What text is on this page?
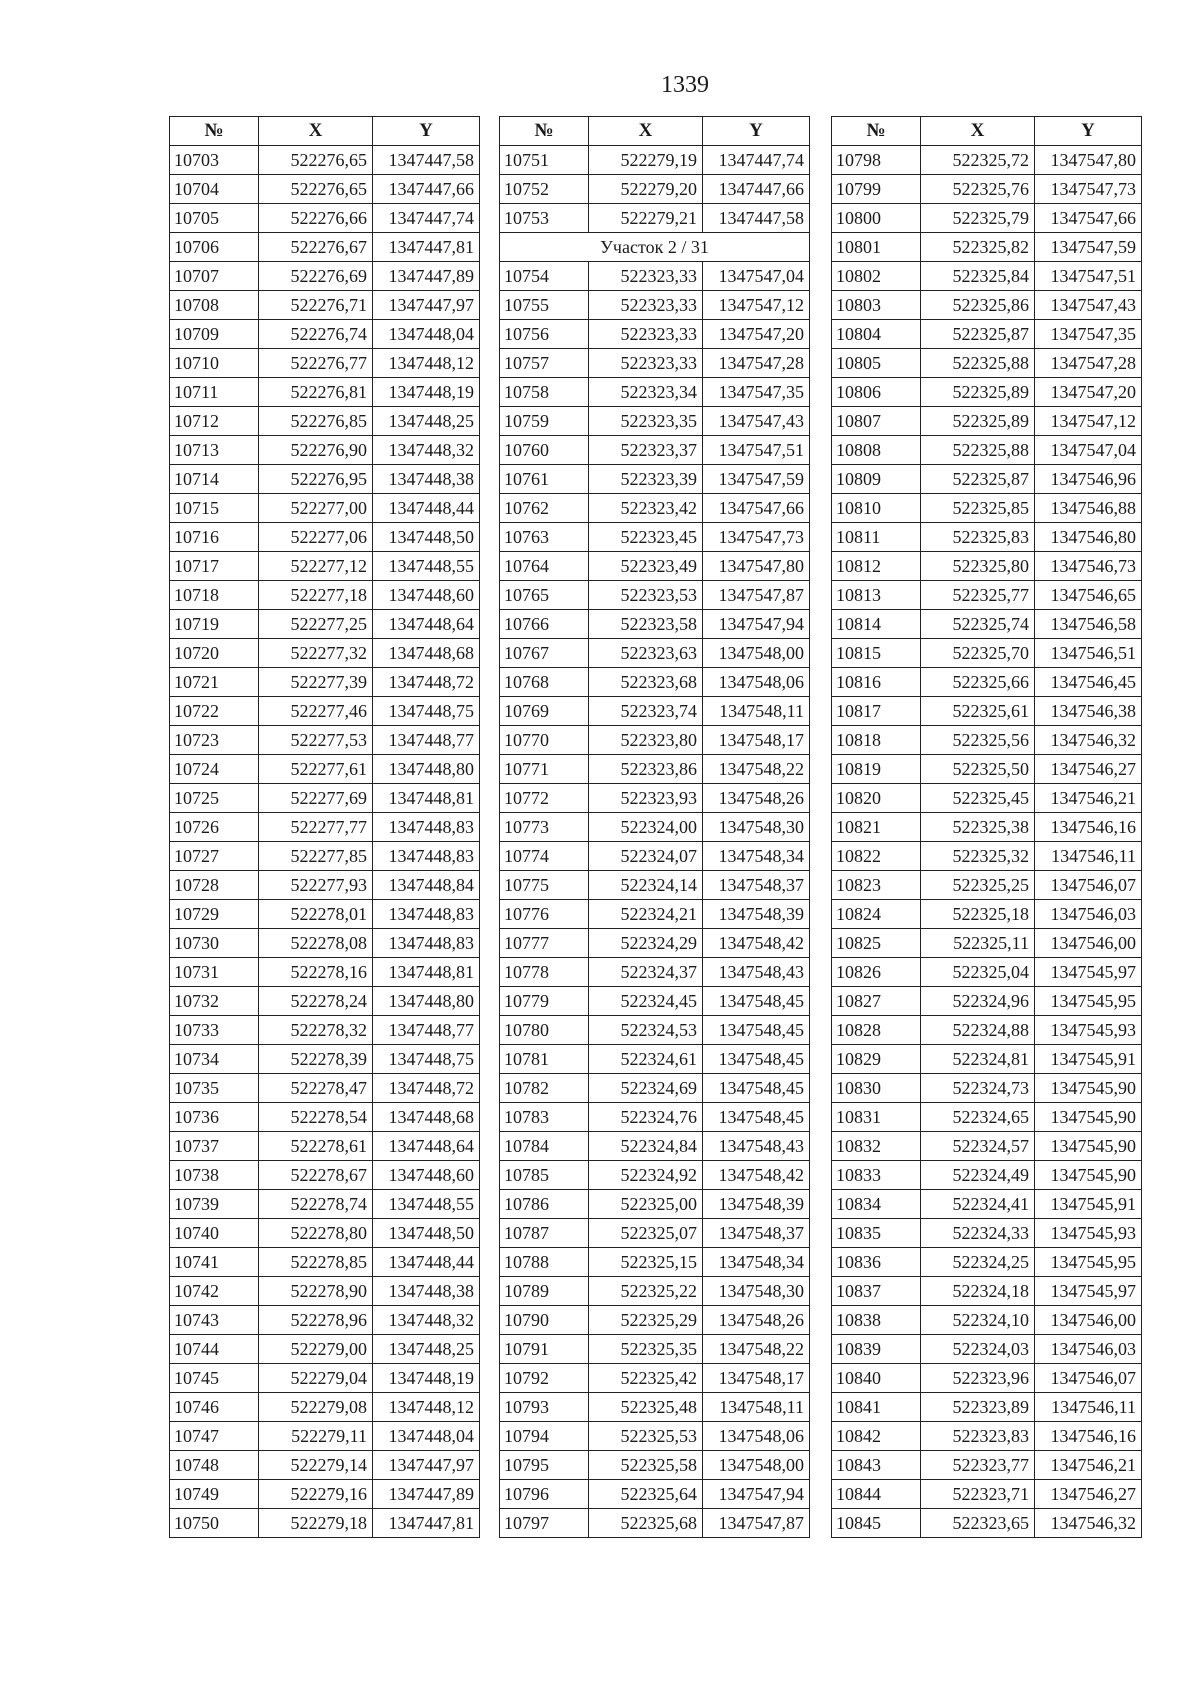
1339
№	X	Y
10703	522276,65	1347447,58
10704	522276,65	1347447,66
10705	522276,66	1347447,74
10706	522276,67	1347447,81
10707	522276,69	1347447,89
10708	522276,71	1347447,97
10709	522276,74	1347448,04
10710	522276,77	1347448,12
10711	522276,81	1347448,19
10712	522276,85	1347448,25
10713	522276,90	1347448,32
10714	522276,95	1347448,38
10715	522277,00	1347448,44
10716	522277,06	1347448,50
10717	522277,12	1347448,55
10718	522277,18	1347448,60
10719	522277,25	1347448,64
10720	522277,32	1347448,68
10721	522277,39	1347448,72
10722	522277,46	1347448,75
10723	522277,53	1347448,77
10724	522277,61	1347448,80
10725	522277,69	1347448,81
10726	522277,77	1347448,83
10727	522277,85	1347448,83
10728	522277,93	1347448,84
10729	522278,01	1347448,83
10730	522278,08	1347448,83
10731	522278,16	1347448,81
10732	522278,24	1347448,80
10733	522278,32	1347448,77
10734	522278,39	1347448,75
10735	522278,47	1347448,72
10736	522278,54	1347448,68
10737	522278,61	1347448,64
10738	522278,67	1347448,60
10739	522278,74	1347448,55
10740	522278,80	1347448,50
10741	522278,85	1347448,44
10742	522278,90	1347448,38
10743	522278,96	1347448,32
10744	522279,00	1347448,25
10745	522279,04	1347448,19
10746	522279,08	1347448,12
10747	522279,11	1347448,04
10748	522279,14	1347447,97
10749	522279,16	1347447,89
10750	522279,18	1347447,81
№	X	Y
10751	522279,19	1347447,74
10752	522279,20	1347447,66
10753	522279,21	1347447,58
Участок 2 / 31		
10754	522323,33	1347547,04
10755	522323,33	1347547,12
10756	522323,33	1347547,20
10757	522323,33	1347547,28
10758	522323,34	1347547,35
10759	522323,35	1347547,43
10760	522323,37	1347547,51
10761	522323,39	1347547,59
10762	522323,42	1347547,66
10763	522323,45	1347547,73
10764	522323,49	1347547,80
10765	522323,53	1347547,87
10766	522323,58	1347547,94
10767	522323,63	1347548,00
10768	522323,68	1347548,06
10769	522323,74	1347548,11
10770	522323,80	1347548,17
10771	522323,86	1347548,22
10772	522323,93	1347548,26
10773	522324,00	1347548,30
10774	522324,07	1347548,34
10775	522324,14	1347548,37
10776	522324,21	1347548,39
10777	522324,29	1347548,42
10778	522324,37	1347548,43
10779	522324,45	1347548,45
10780	522324,53	1347548,45
10781	522324,61	1347548,45
10782	522324,69	1347548,45
10783	522324,76	1347548,45
10784	522324,84	1347548,43
10785	522324,92	1347548,42
10786	522325,00	1347548,39
10787	522325,07	1347548,37
10788	522325,15	1347548,34
10789	522325,22	1347548,30
10790	522325,29	1347548,26
10791	522325,35	1347548,22
10792	522325,42	1347548,17
10793	522325,48	1347548,11
10794	522325,53	1347548,06
10795	522325,58	1347548,00
10796	522325,64	1347547,94
10797	522325,68	1347547,87
№	X	Y
10798	522325,72	1347547,80
10799	522325,76	1347547,73
10800	522325,79	1347547,66
10801	522325,82	1347547,59
10802	522325,84	1347547,51
10803	522325,86	1347547,43
10804	522325,87	1347547,35
10805	522325,88	1347547,28
10806	522325,89	1347547,20
10807	522325,89	1347547,12
10808	522325,88	1347547,04
10809	522325,87	1347546,96
10810	522325,85	1347546,88
10811	522325,83	1347546,80
10812	522325,80	1347546,73
10813	522325,77	1347546,65
10814	522325,74	1347546,58
10815	522325,70	1347546,51
10816	522325,66	1347546,45
10817	522325,61	1347546,38
10818	522325,56	1347546,32
10819	522325,50	1347546,27
10820	522325,45	1347546,21
10821	522325,38	1347546,16
10822	522325,32	1347546,11
10823	522325,25	1347546,07
10824	522325,18	1347546,03
10825	522325,11	1347546,00
10826	522325,04	1347545,97
10827	522324,96	1347545,95
10828	522324,88	1347545,93
10829	522324,81	1347545,91
10830	522324,73	1347545,90
10831	522324,65	1347545,90
10832	522324,57	1347545,90
10833	522324,49	1347545,90
10834	522324,41	1347545,91
10835	522324,33	1347545,93
10836	522324,25	1347545,95
10837	522324,18	1347545,97
10838	522324,10	1347546,00
10839	522324,03	1347546,03
10840	522323,96	1347546,07
10841	522323,89	1347546,11
10842	522323,83	1347546,16
10843	522323,77	1347546,21
10844	522323,71	1347546,27
10845	522323,65	1347546,32
